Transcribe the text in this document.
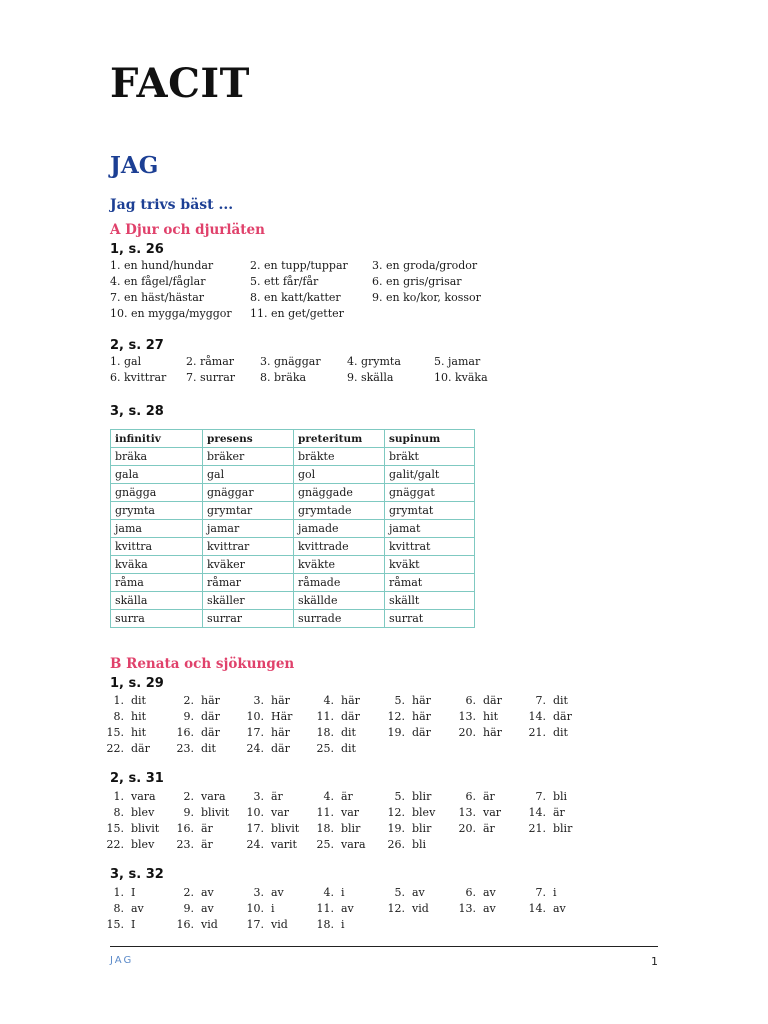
FACIT
JAG
Jag trivs bäst ...
A Djur och djurläten
1, s. 26
1. en hund/hundar	2. en tupp/tuppar 3. en groda/grodor
4. en fågel/fåglar	5. ett får/får	6. en gris/grisar
7. en häst/hästar	8. en katt/katter	9. en ko/kor, kossor
10. en mygga/myggor 11. en get/getter
2, s. 27
1. gal	2. råmar 3. gnäggar 4. grymta	5. jamar
6. kvittrar 7. surrar 8. bräka	9. skälla	10. kväka
3, s. 28
infinitiv	presens	preteritum	supinum
bräka	bräker	bräkte	bräkt
gala	gal	gol	galit/galt
gnägga	gnäggar	gnäggade	gnäggat
grymta	grymtar	grymtade	grymtat
jama	jamar	jamade	jamat
kvittra	kvittrar	kvittrade	kvittrat
kväka	kväker	kväkte	kväkt
råma	råmar	råmade	råmat
skälla	skäller	skällde	skällt
surra	surrar	surrade	surrat
B Renata och sjökungen
1, s. 29
1. dit	2. här	3. här	4. här	5. här	6. där	7. dit
8. hit	9. där	10. Här	11. där	12. här	13. hit	14. där
15. hit	16. där	17. här	18. dit	19. där	20. här	21. dit
22. där	23. dit	24. där	25. dit
2, s. 31
1. vara	2. vara	3. är	4. är	5. blir	6. är	7. bli
8. blev	9. blivit	10. var	11. var	12. blev	13. var	14. är
15. blivit	16. är	17. blivit	18. blir	19. blir	20. är	21. blir
22. blev	23. är	24. varit	25. vara	26. bli
3, s. 32
1. I	2. av	3. av	4. i	5. av	6. av	7. i
8. av	9. av	10. i	11. av	12. vid	13. av	14. av
15. I	16. vid	17. vid	18. i
JAG	1
